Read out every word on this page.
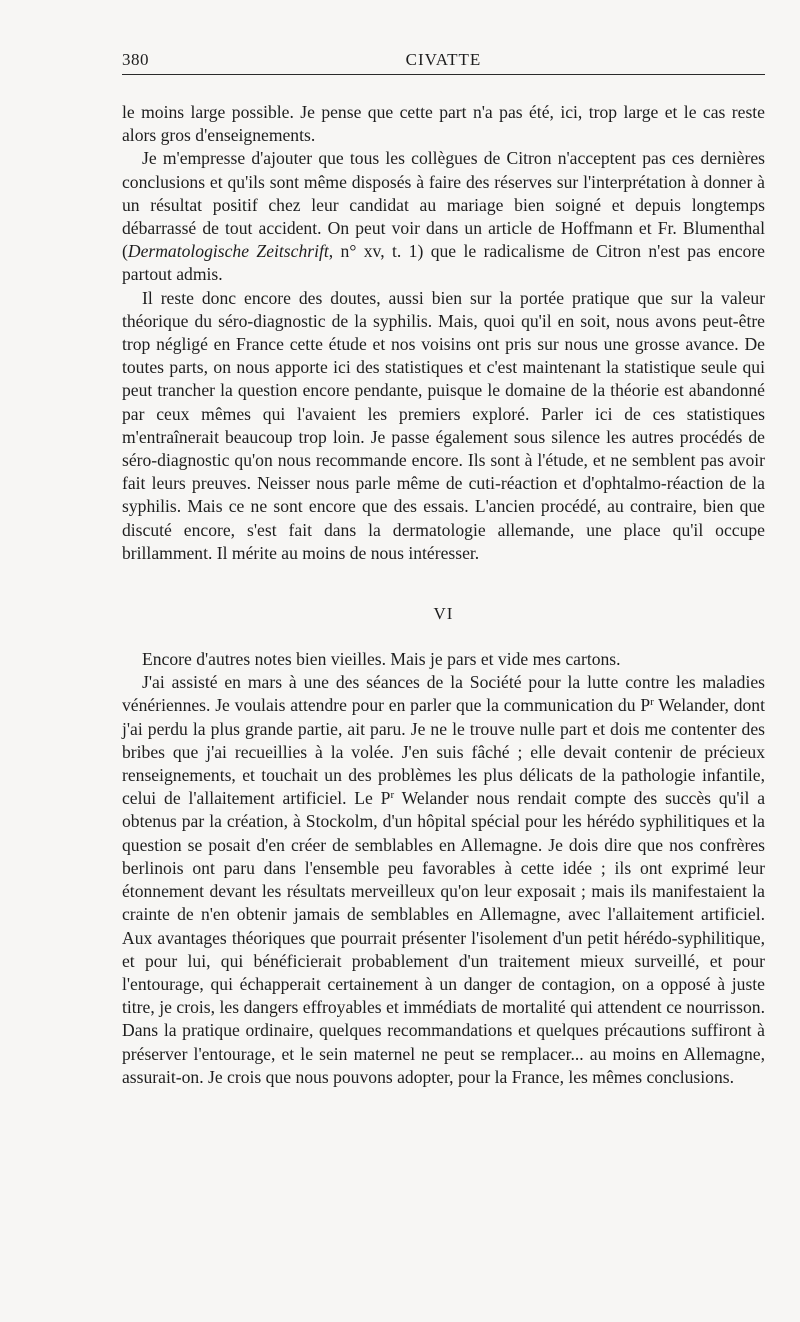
380	CIVATTE

le moins large possible. Je pense que cette part n'a pas été, ici, trop large et le cas reste alors gros d'enseignements.

Je m'empresse d'ajouter que tous les collègues de Citron n'acceptent pas ces dernières conclusions et qu'ils sont même disposés à faire des réserves sur l'interprétation à donner à un résultat positif chez leur candidat au mariage bien soigné et depuis longtemps débarrassé de tout accident. On peut voir dans un article de Hoffmann et Fr. Blumenthal (Dermatologische Zeitschrift, n° xv, t. 1) que le radicalisme de Citron n'est pas encore partout admis.

Il reste donc encore des doutes, aussi bien sur la portée pratique que sur la valeur théorique du séro-diagnostic de la syphilis. Mais, quoi qu'il en soit, nous avons peut-être trop négligé en France cette étude et nos voisins ont pris sur nous une grosse avance. De toutes parts, on nous apporte ici des statistiques et c'est maintenant la statistique seule qui peut trancher la question encore pendante, puisque le domaine de la théorie est abandonné par ceux mêmes qui l'avaient les premiers exploré. Parler ici de ces statistiques m'entraînerait beaucoup trop loin. Je passe également sous silence les autres procédés de séro-diagnostic qu'on nous recommande encore. Ils sont à l'étude, et ne semblent pas avoir fait leurs preuves. Neisser nous parle même de cuti-réaction et d'ophtalmo-réaction de la syphilis. Mais ce ne sont encore que des essais. L'ancien procédé, au contraire, bien que discuté encore, s'est fait dans la dermatologie allemande, une place qu'il occupe brillamment. Il mérite au moins de nous intéresser.

VI

Encore d'autres notes bien vieilles. Mais je pars et vide mes cartons.

J'ai assisté en mars à une des séances de la Société pour la lutte contre les maladies vénériennes. Je voulais attendre pour en parler que la communication du $P^r$ Welander, dont j'ai perdu la plus grande partie, ait paru. Je ne le trouve nulle part et dois me contenter des bribes que j'ai recueillies à la volée. J'en suis fâché ; elle devait contenir de précieux renseignements, et touchait un des problèmes les plus délicats de la pathologie infantile, celui de l'allaitement artificiel. Le $P^r$ Welander nous rendait compte des succès qu'il a obtenus par la création, à Stockolm, d'un hôpital spécial pour les hérédo syphilitiques et la question se posait d'en créer de semblables en Allemagne. Je dois dire que nos confrères berlinois ont paru dans l'ensemble peu favorables à cette idée ; ils ont exprimé leur étonnement devant les résultats merveilleux qu'on leur exposait ; mais ils manifestaient la crainte de n'en obtenir jamais de semblables en Allemagne, avec l'allaitement artificiel. Aux avantages théoriques que pourrait présenter l'isolement d'un petit hérédo-syphilitique, et pour lui, qui bénéficierait probablement d'un traitement mieux surveillé, et pour l'entourage, qui échapperait certainement à un danger de contagion, on a opposé à juste titre, je crois, les dangers effroyables et immédiats de mortalité qui attendent ce nourrisson. Dans la pratique ordinaire, quelques recommandations et quelques précautions suffiront à préserver l'entourage, et le sein maternel ne peut se remplacer... au moins en Allemagne, assurait-on. Je crois que nous pouvons adopter, pour la France, les mêmes conclusions.
